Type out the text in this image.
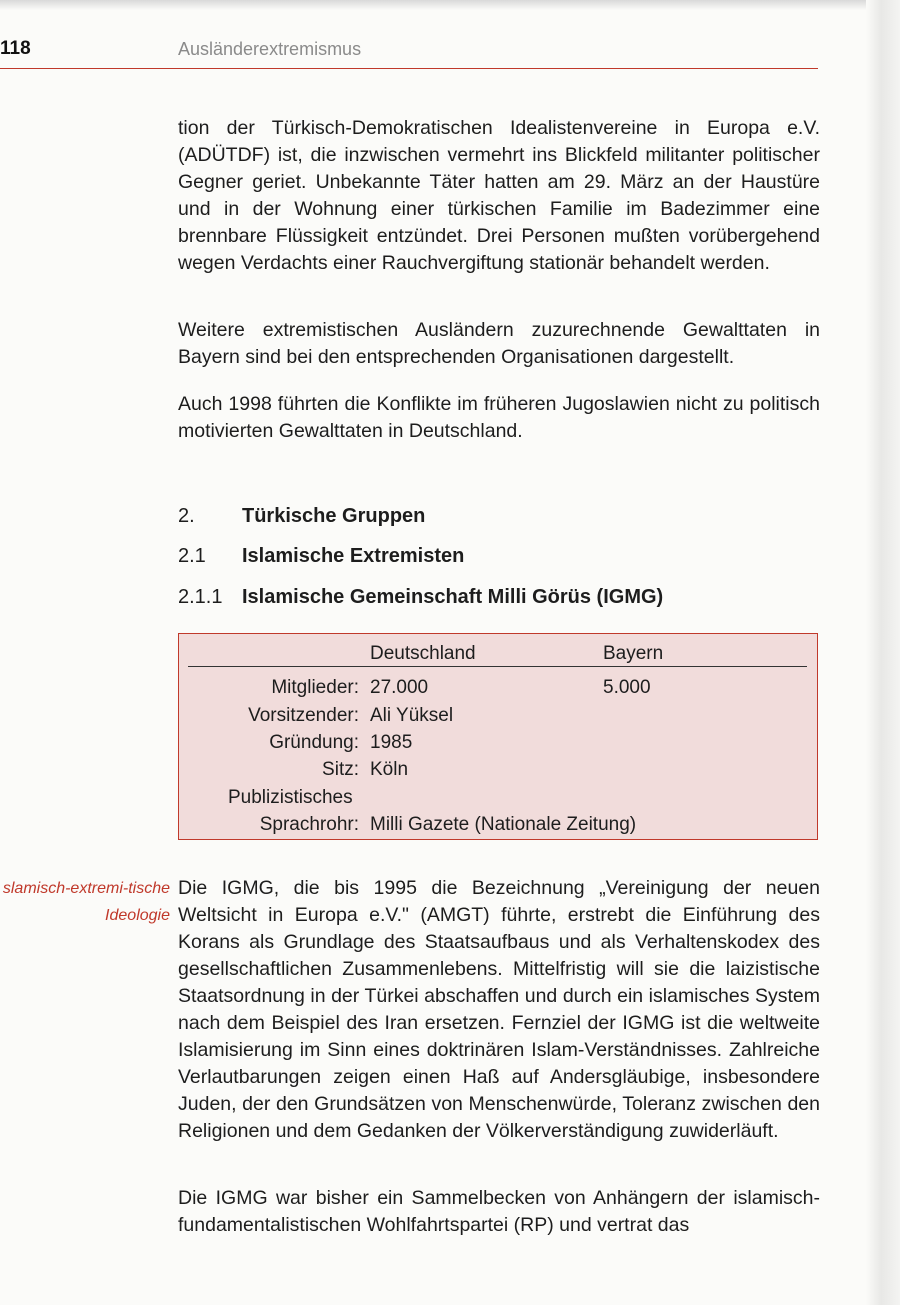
118	Ausländerextremismus

tion der Türkisch-Demokratischen Idealistenvereine in Europa e.V. (ADÜTDF) ist, die inzwischen vermehrt ins Blickfeld militanter politischer Gegner geriet. Unbekannte Täter hatten am 29. März an der Haustüre und in der Wohnung einer türkischen Familie im Badezimmer eine brennbare Flüssigkeit entzündet. Drei Personen mußten vorübergehend wegen Verdachts einer Rauchvergiftung stationär behandelt werden.

Weitere extremistischen Ausländern zuzurechnende Gewalttaten in Bayern sind bei den entsprechenden Organisationen dargestellt.

Auch 1998 führten die Konflikte im früheren Jugoslawien nicht zu politisch motivierten Gewalttaten in Deutschland.

2.	Türkische Gruppen
2.1	Islamische Extremisten
2.1.1 Islamische Gemeinschaft Milli Görüs (IGMG)
Deutschland	Bayern
Mitglieder: 27.000	5.000
Vorsitzender: Ali Yüksel
Gründung: 1985
Sitz: Köln
Publizistisches
Sprachrohr: Milli Gazete (Nationale Zeitung)

slamisch-extremi-tische Ideologie

Die IGMG, die bis 1995 die Bezeichnung „Vereinigung der neuen Weltsicht in Europa e.V." (AMGT) führte, erstrebt die Einführung des Korans als Grundlage des Staatsaufbaus und als Verhaltenskodex des gesellschaftlichen Zusammenlebens. Mittelfristig will sie die laizistische Staatsordnung in der Türkei abschaffen und durch ein islamisches System nach dem Beispiel des Iran ersetzen. Fernziel der IGMG ist die weltweite Islamisierung im Sinn eines doktrinären Islam-Verständnisses. Zahlreiche Verlautbarungen zeigen einen Haß auf Andersgläubige, insbesondere Juden, der den Grundsätzen von Menschenwürde, Toleranz zwischen den Religionen und dem Gedanken der Völkerverständigung zuwiderläuft.

Die IGMG war bisher ein Sammelbecken von Anhängern der islamisch-fundamentalistischen Wohlfahrtspartei (RP) und vertrat das
